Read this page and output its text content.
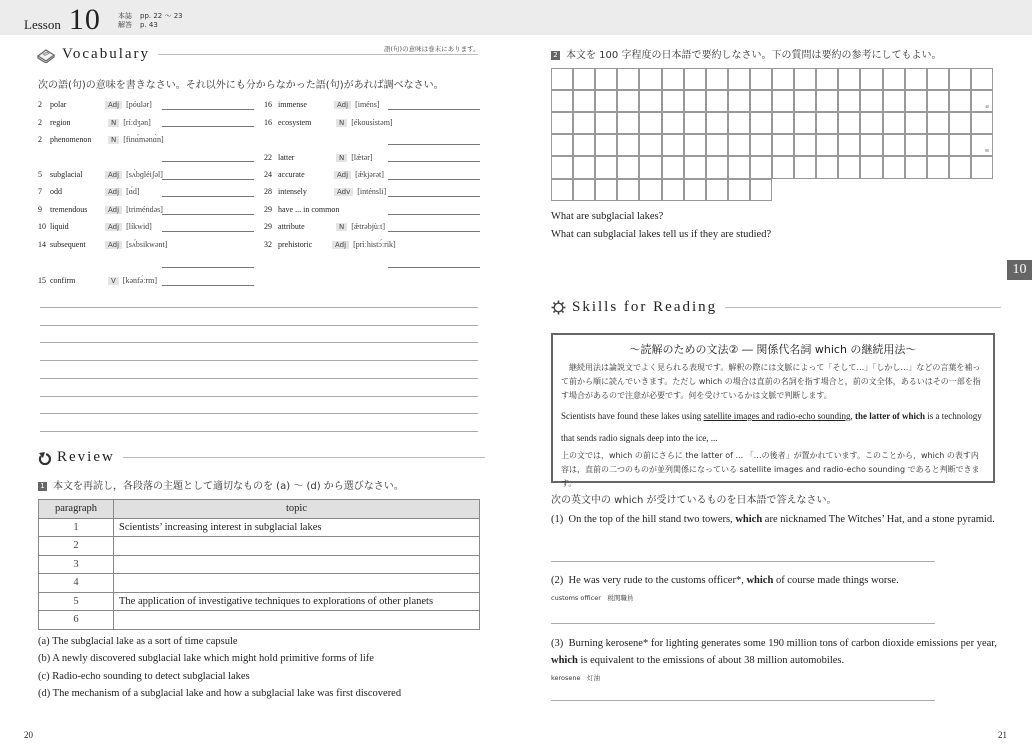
Lesson 10 本誌 pp. 22 ～ 23
解答 p. 43
Vocabulary	語(句)の意味は巻末にあります。
次の語(句)の意味を書きなさい。それ以外にも分からなかった語(句)があれば調べなさい。
2	polar	Adj [póulər]
2	region	N [ríːdʒən]
2	phenomenon	N [finɑ́mənɑ̀n]
5	subglacial	Adj [sʌ̀bɡléiʃəl]
7	odd	Adj [ɑ́d]
9	tremendous	Adj [triméndəs]
10 liquid	Adj [líkwid]
14 subsequent	Adj [sʌ́bsikwənt]
15 confirm	V [kənfə́ːrm]
16 immense	Adj [iméns]
16 ecosystem	N [ékousìstəm]
22 latter	N [lǽtər]
24 accurate	Adj [ǽkjərət]
28 intensely	Adv [inténsli]
29 have ... in common
29 attribute	N [ǽtrəbjùːt]
32 prehistoric	Adj [prìːhistɔ́ːrik]
Review
1 本文を再読し，各段落の主題として適切なものを (a) ～ (d) から選びなさい。
paragraph	topic
1	Scientists’ increasing interest in subglacial lakes
2	
3	
4	
5	The application of investigative techniques to explorations of other planets
6	
(a) The subglacial lake as a sort of time capsule
(b) A newly discovered subglacial lake which might hold primitive forms of life
(c) Radio-echo sounding to detect subglacial lakes
(d) The mechanism of a subglacial lake and how a subglacial lake was first discovered
20
2 本文を 100 字程度の日本語で要約しなさい。下の質問は要約の参考にしてもよい。
40
80
What are subglacial lakes?
What can subglacial lakes tell us if they are studied?
10
Skills for Reading
～読解のための文法② ― 関係代名詞 which の継続用法～
　継続用法は論説文でよく見られる表現です。解釈の際には文脈によって「そして…」「しかし…」などの言葉を補って前から順に読んでいきます。ただし which の場合は直前の名詞を指す場合と，前の文全体，あるいはその一部を指す場合があるので注意が必要です。何を受けているかは文脈で判断します。
Scientists have found these lakes using satellite images and radio-echo sounding, the latter of which is a technology that sends radio signals deep into the ice, ...
上の文では，which の前にさらに the latter of ... 「…の後者」が置かれています。このことから，which の表す内容は，直前の二つのものが並列関係になっている satellite images and radio-echo sounding であると判断できます。
次の英文中の which が受けているものを日本語で答えなさい。
(1) On the top of the hill stand two towers, which are nicknamed The Witches’ Hat, and a stone pyramid.
(2) He was very rude to the customs officer*, which of course made things worse.
customs officer　税関職員
(3) Burning kerosene* for lighting generates some 190 million tons of carbon dioxide emissions per year, which is equivalent to the emissions of about 38 million automobiles.
kerosene　灯油
21
